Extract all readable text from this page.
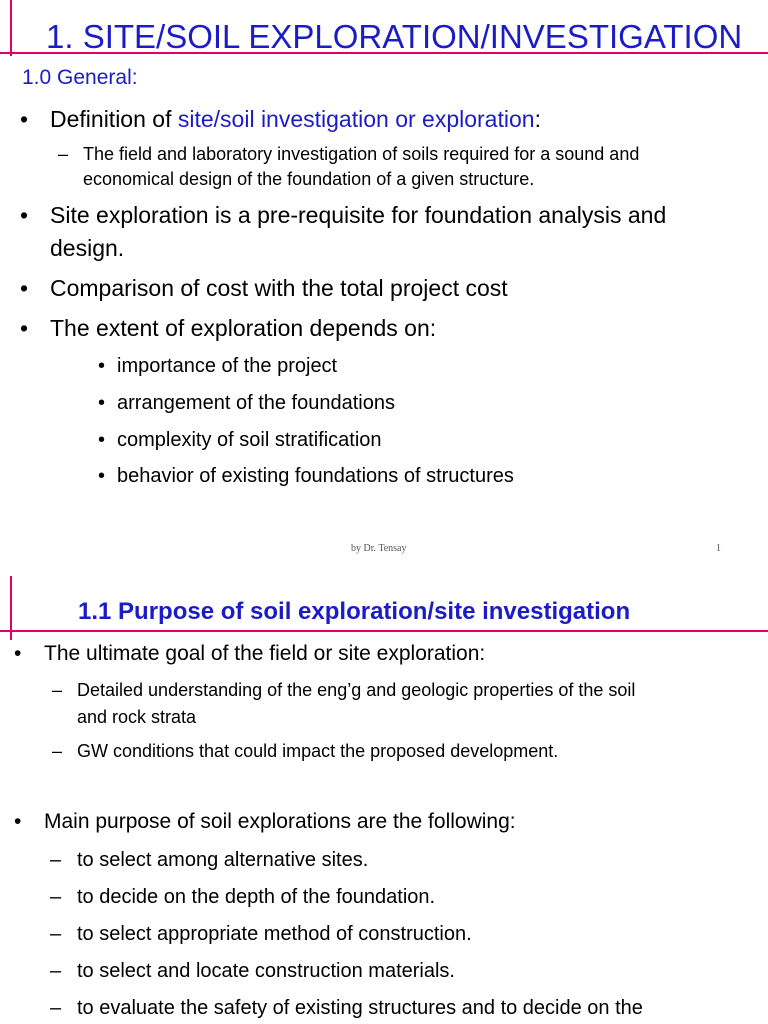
1. SITE/SOIL EXPLORATION/INVESTIGATION
1.0 General:
• Definition of site/soil investigation or exploration:
– The field and laboratory investigation of soils required for a sound and
economical design of the foundation of a given structure.
• Site exploration is a pre-requisite for foundation analysis and
design.
• Comparison of cost with the total project cost
• The extent of exploration depends on:
• importance of the project
• arrangement of the foundations
• complexity of soil stratification
• behavior of existing foundations of structures
by Dr. Tensay	1
1.1 Purpose of soil exploration/site investigation
• The ultimate goal of the field or site exploration:
– Detailed understanding of the eng’g and geologic properties of the soil
and rock strata
– GW conditions that could impact the proposed development.
• Main purpose of soil explorations are the following:
– to select among alternative sites.
– to decide on the depth of the foundation.
– to select appropriate method of construction.
– to select and locate construction materials.
– to evaluate the safety of existing structures and to decide on the
